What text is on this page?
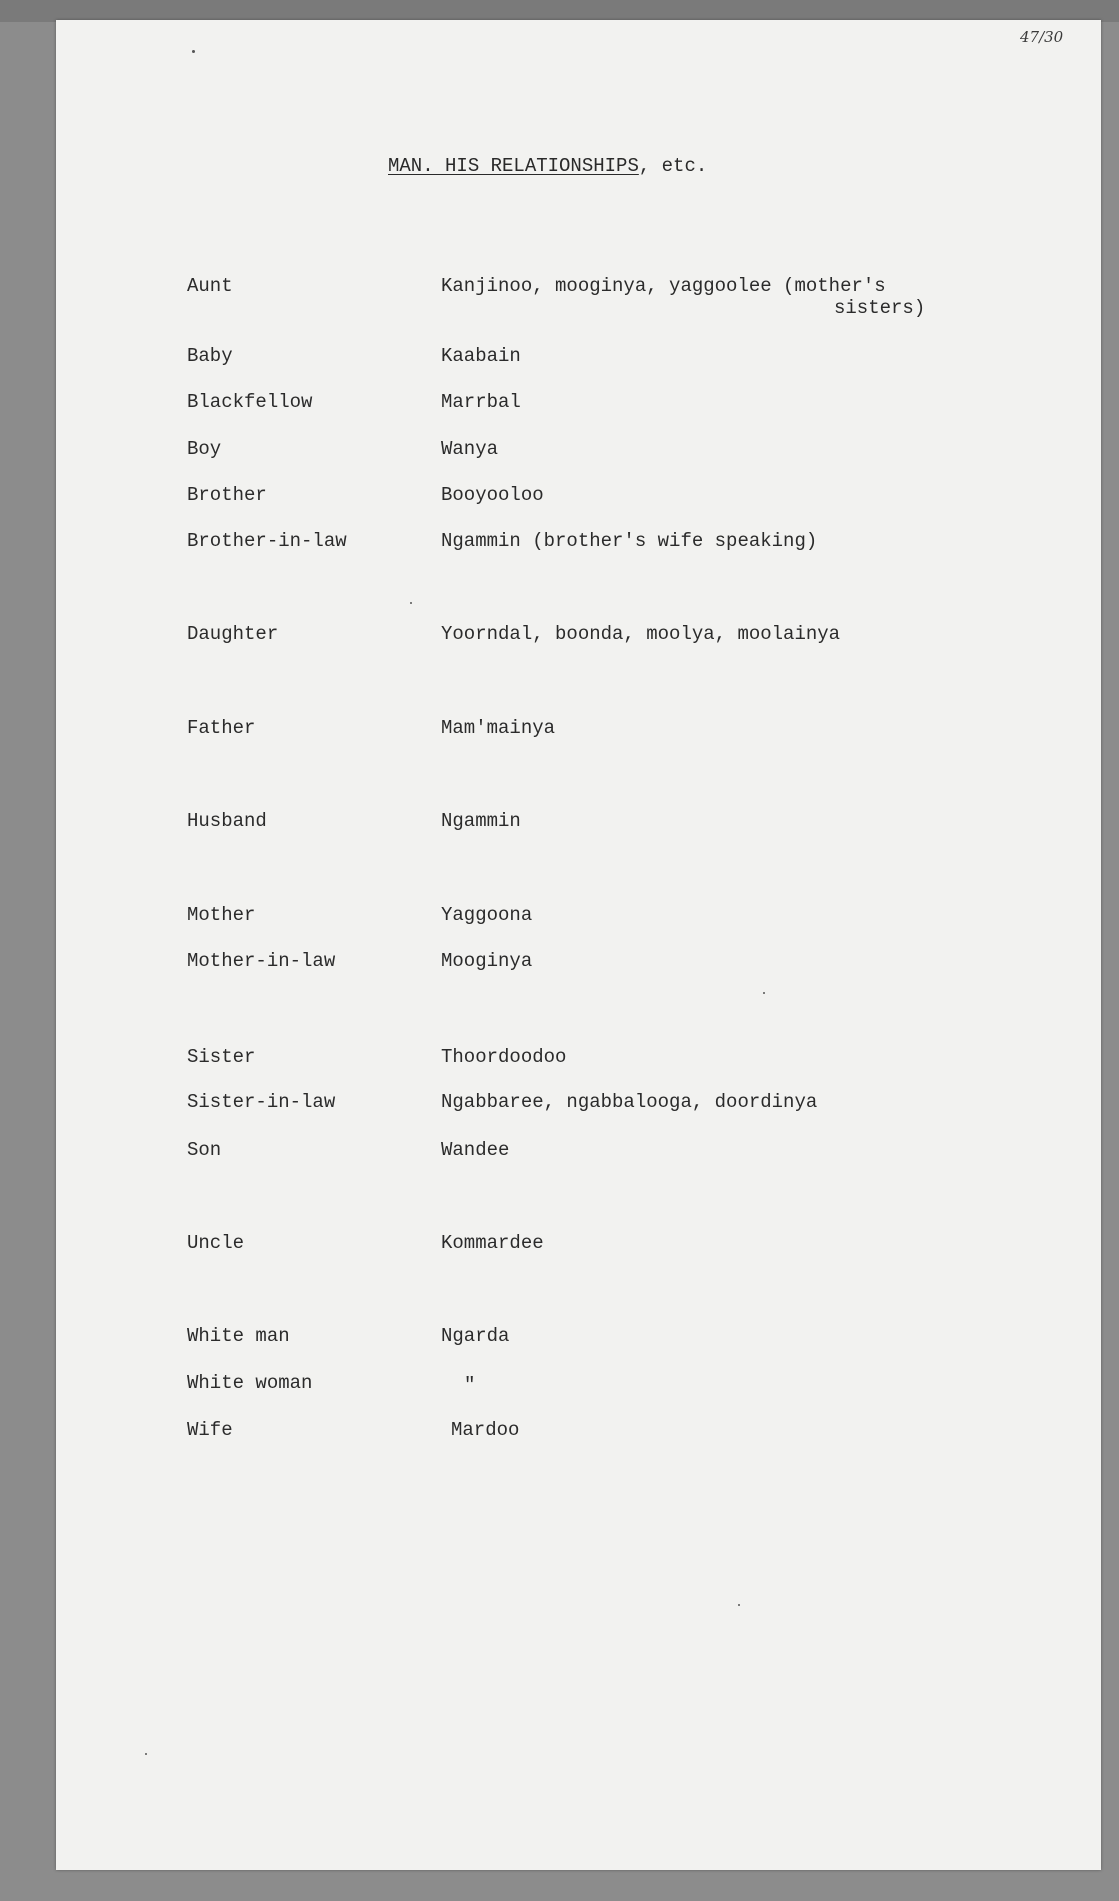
47/30
MAN. HIS RELATIONSHIPS, etc.
Aunt	Kanjinoo, mooginya, yaggoolee (mother's
sisters)
Baby	Kaabain
Blackfellow	Marrbal
Boy	Wanya
Brother	Booyooloo
Brother-in-law	Ngammin (brother's wife speaking)
Daughter	Yoorndal, boonda, moolya, moolainya
Father	Mam'mainya
Husband	Ngammin
Mother	Yaggoona
Mother-in-law	Mooginya
Sister	Thoordoodoo
Sister-in-law	Ngabbaree, ngabbalooga, doordinya
Son	Wandee
Uncle	Kommardee
White man	Ngarda
White woman	"
Wife	Mardoo
